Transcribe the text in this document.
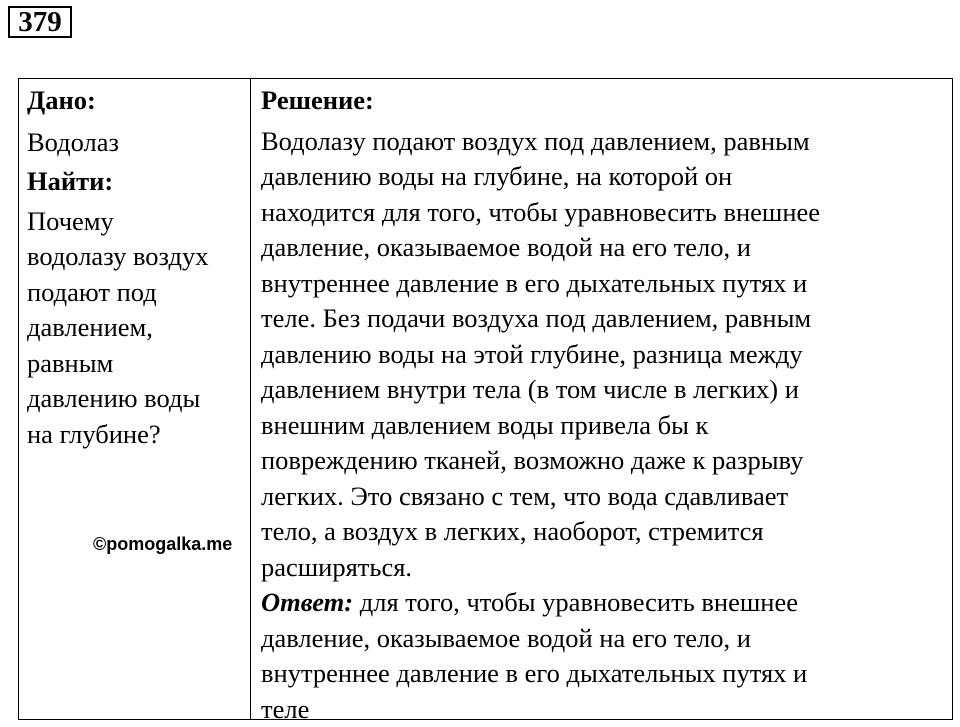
379

Дано:

Водолаз

Найти:

Почему
водолазу воздух
подают под
давлением,
равным
давлению воды
на глубине?
©pomogalka.me

Решение:

Водолазу подают воздух под давлением, равным

давлению воды на глубине, на которой он

находится для того, чтобы уравновесить внешнее

давление, оказываемое водой на его тело, и

внутреннее давление в его дыхательных путях и

теле. Без подачи воздуха под давлением, равным

давлению воды на этой глубине, разница между

давлением внутри тела (в том числе в легких) и

внешним давлением воды привела бы к

повреждению тканей, возможно даже к разрыву

легких. Это связано с тем, что вода сдавливает

тело, а воздух в легких, наоборот, стремится

расширяться.

Ответ: для того, чтобы уравновесить внешнее

давление, оказываемое водой на его тело, и

внутреннее давление в его дыхательных путях и

теле
